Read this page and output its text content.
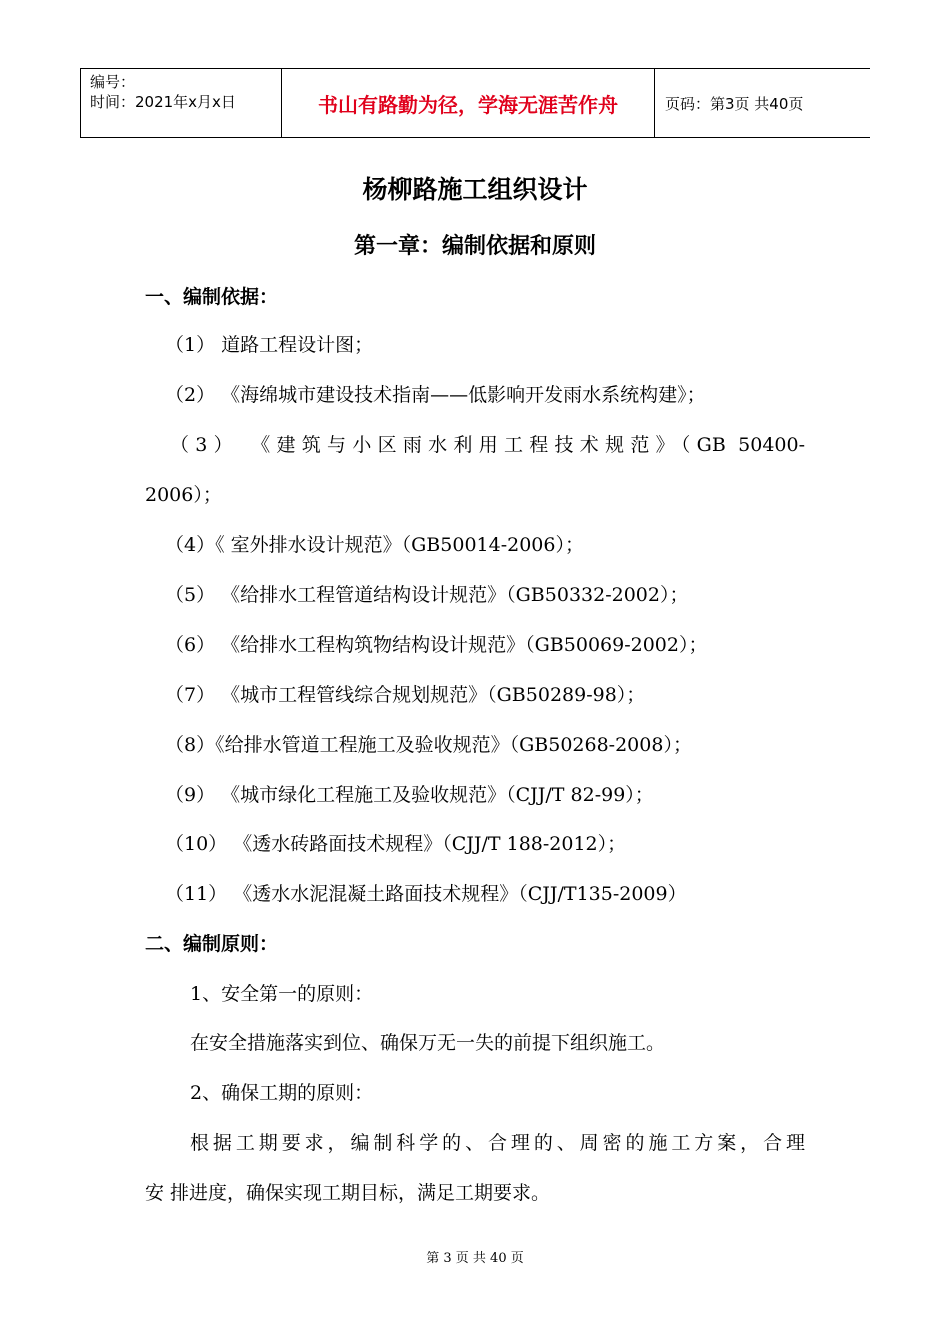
编号：
时间：2021年x月x日	书山有路勤为径，学海无涯苦作舟	页码：第3页 共40页
杨柳路施工组织设计
第一章：编制依据和原则
一、编制依据：
（1） 道路工程设计图；
（2） 《海绵城市建设技术指南——低影响开发雨水系统构建》；
（3） 《建筑与小区雨水利用工程技术规范》（GB 50400-
2006）；
（4）《 室外排水设计规范》（GB50014-2006）；
（5） 《给排水工程管道结构设计规范》（GB50332-2002）；
（6） 《给排水工程构筑物结构设计规范》（GB50069-2002）；
（7） 《城市工程管线综合规划规范》（GB50289-98）；
（8）《给排水管道工程施工及验收规范》（GB50268-2008）；
（9） 《城市绿化工程施工及验收规范》（CJJ/T 82-99）；
（10） 《透水砖路面技术规程》（CJJ/T 188-2012）；
（11） 《透水水泥混凝土路面技术规程》（CJJ/T135-2009）
二、编制原则：
1、安全第一的原则：
在安全措施落实到位、确保万无一失的前提下组织施工。
2、确保工期的原则：
根据工期要求，编制科学的、合理的、周密的施工方案，合理
安 排进度，确保实现工期目标，满足工期要求。
第 3 页 共 40 页
